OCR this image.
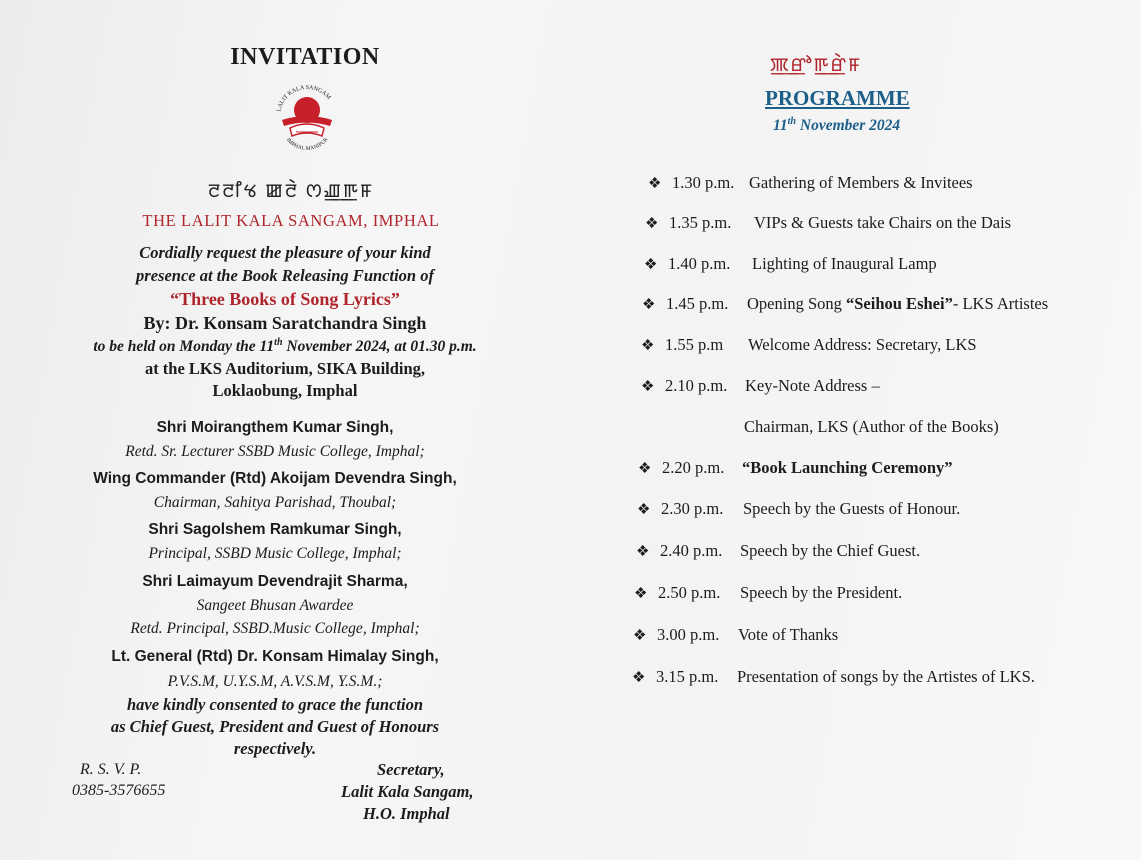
INVITATION
LALIT KALA SANGAM
IMPHAL MANIPUR
ꯂꯂꯤꯠ ꯀꯂꯥ ꯁꯉ꯭ꯒꯝ
THE LALIT KALA SANGAM, IMPHAL
Cordially request the pleasure of your kind
presence at the Book Releasing Function of
“Three Books of Song Lyrics”
By: Dr. Konsam Saratchandra Singh
to be held on Monday the 11th November 2024, at 01.30 p.m.
at the LKS Auditorium, SIKA Building,
Loklaobung, Imphal
Shri Moirangthem Kumar Singh,
Retd. Sr. Lecturer SSBD Music College, Imphal;
Wing Commander (Rtd) Akoijam Devendra Singh,
Chairman, Sahitya Parishad, Thoubal;
Shri Sagolshem Ramkumar Singh,
Principal, SSBD Music College, Imphal;
Shri Laimayum Devendrajit Sharma,
Sangeet Bhusan Awardee
Retd. Principal, SSBD.Music College, Imphal;
Lt. General (Rtd) Dr. Konsam Himalay Singh,
P.V.S.M, U.Y.S.M, A.V.S.M, Y.S.M.;
have kindly consented to grace the function
as Chief Guest, President and Guest of Honours
respectively.
R. S. V. P.
0385-3576655
Secretary,
Lalit Kala Sangam,
H.O. Imphal
ꯄ꯭ꯔꯣꯒ꯭ꯔꯥꯝ
PROGRAMME
11th November 2024
❖ 1.30 p.m. Gathering of Members & Invitees
❖ 1.35 p.m. VIPs & Guests take Chairs on the Dais
❖ 1.40 p.m. Lighting of Inaugural Lamp
❖ 1.45 p.m. Opening Song “Seihou Eshei”- LKS Artistes
❖ 1.55 p.m Welcome Address: Secretary, LKS
❖ 2.10 p.m. Key-Note Address –
Chairman, LKS (Author of the Books)
❖ 2.20 p.m. “Book Launching Ceremony”
❖ 2.30 p.m. Speech by the Guests of Honour.
❖ 2.40 p.m. Speech by the Chief Guest.
❖ 2.50 p.m. Speech by the President.
❖ 3.00 p.m. Vote of Thanks
❖ 3.15 p.m. Presentation of songs by the Artistes of LKS.
